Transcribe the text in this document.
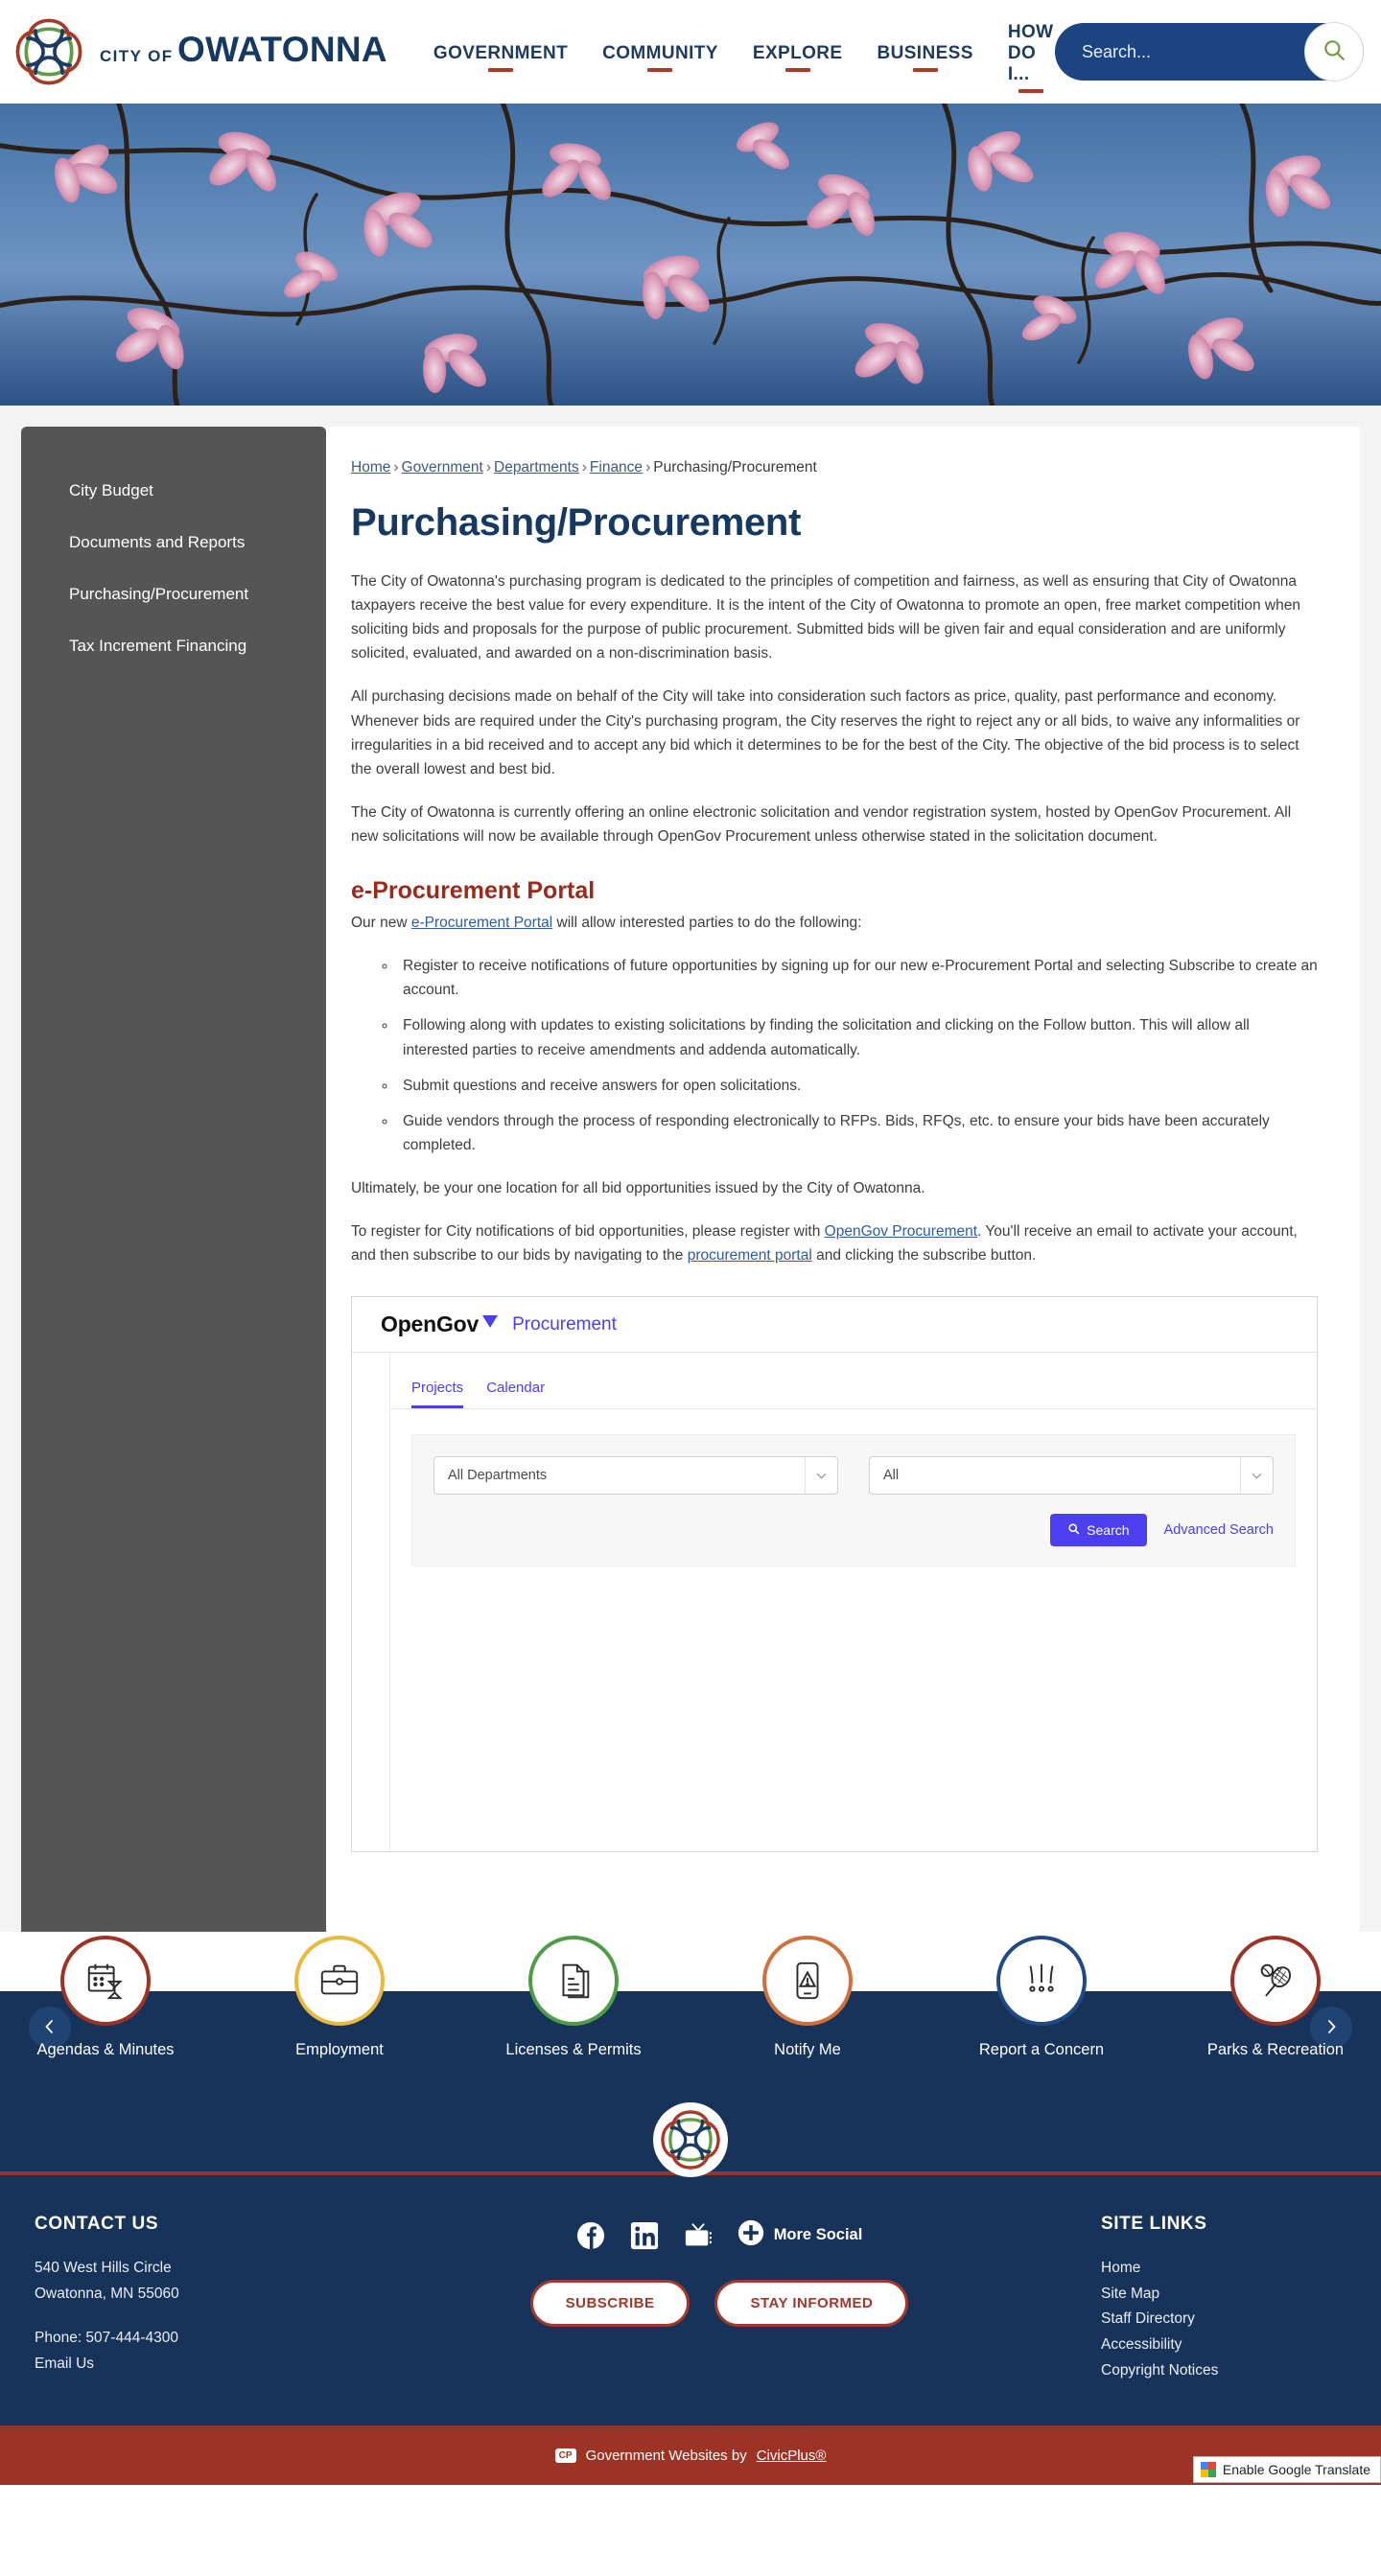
CITY OF OWATONNA	GOVERNMENT COMMUNITY EXPLORE BUSINESS
HOW DO I...
Search...
City Budget
Documents and Reports
Purchasing/Procurement
Tax Increment Financing
Home › Government › Departments › Finance › Purchasing/Procurement
Purchasing/Procurement

The City of Owatonna's purchasing program is dedicated to the principles of competition and fairness, as well as ensuring that City of Owatonna taxpayers receive the best value for every expenditure. It is the intent of the City of Owatonna to promote an open, free market competition when soliciting bids and proposals for the purpose of public procurement. Submitted bids will be given fair and equal consideration and are uniformly solicited, evaluated, and awarded on a non-discrimination basis.

All purchasing decisions made on behalf of the City will take into consideration such factors as price, quality, past performance and economy. Whenever bids are required under the City's purchasing program, the City reserves the right to reject any or all bids, to waive any informalities or irregularities in a bid received and to accept any bid which it determines to be for the best of the City. The objective of the bid process is to select the overall lowest and best bid.

The City of Owatonna is currently offering an online electronic solicitation and vendor registration system, hosted by OpenGov Procurement. All new solicitations will now be available through OpenGov Procurement unless otherwise stated in the solicitation document.

e-Procurement Portal

Our new e-Procurement Portal will allow interested parties to do the following:

◦ Register to receive notifications of future opportunities by signing up for our new e-Procurement Portal and selecting Subscribe to create an account.
◦ Following along with updates to existing solicitations by finding the solicitation and clicking on the Follow button. This will allow all interested parties to receive amendments and addenda automatically.
◦ Submit questions and receive answers for open solicitations.
◦ Guide vendors through the process of responding electronically to RFPs. Bids, RFQs, etc. to ensure your bids have been accurately completed.

Ultimately, be your one location for all bid opportunities issued by the City of Owatonna.

To register for City notifications of bid opportunities, please register with OpenGov Procurement. You'll receive an email to activate your account, and then subscribe to our bids by navigating to the procurement portal and clicking the subscribe button.

OpenGov Procurement
Projects Calendar
All Departments	All
Search Advanced Search
Agendas & Minutes	Employment	Licenses & Permits	Notify Me	Report a Concern	Parks & Recreation
CONTACT US
540 West Hills Circle
Owatonna, MN 55060
Phone: 507-444-4300
Email Us
More Social
SUBSCRIBE	STAY INFORMED
SITE LINKS
Home
Site Map
Staff Directory
Accessibility
Copyright Notices
CP Government Websites by CivicPlus®
Enable Google Translate
